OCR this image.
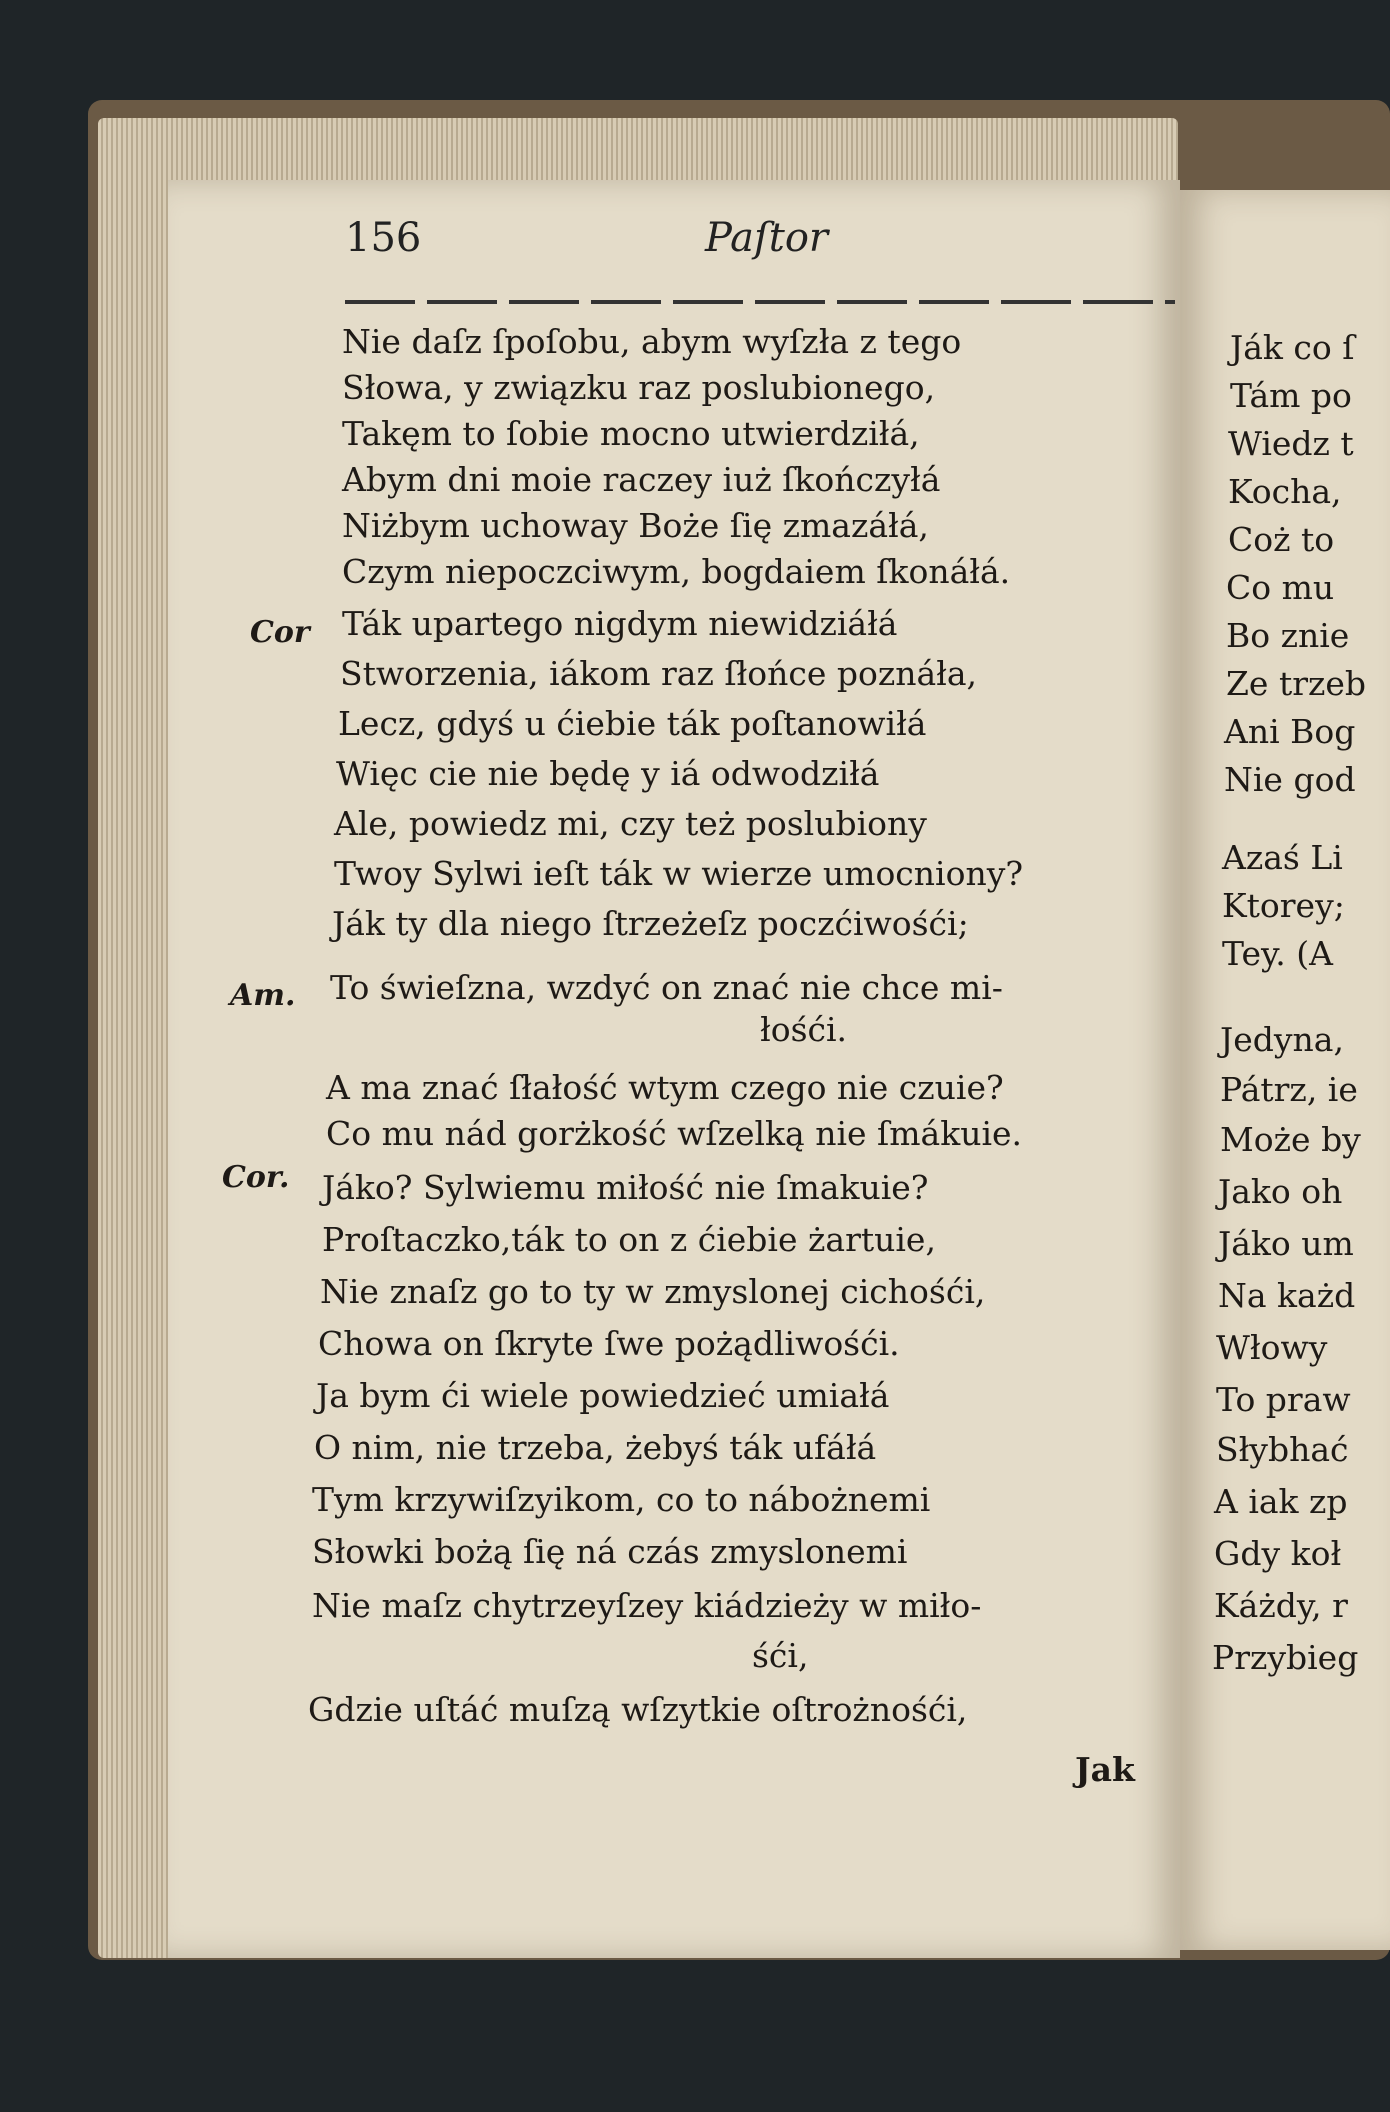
156	Paſtor
Cor
Am.
Cor.
Nie daſz ſpoſobu, abym wyſzła z tego
Słowa, y związku raz poslubionego,
Takęm to ſobie mocno utwierdziłá,
Abym dni moie raczey iuż ſkończyłá
Niżbym uchoway Boże ſię zmazáłá,
Czym niepoczciwym, bogdaiem ſkonáłá.
Ták upartego nigdym niewidziáłá
Stworzenia, iákom raz ſłońce poznáła,
Lecz, gdyś u ćiebie ták poſtanowiłá
Więc cie nie będę y iá odwodziłá
Ale, powiedz mi, czy też poslubiony
Twoy Sylwi ieſt ták w wierze umocniony?
Ják ty dla niego ſtrzeżeſz poczćiwośći;
To świeſzna, wzdyć on znać nie chce mi-
łośći.
A ma znać ſłałość wtym czego nie czuie?
Co mu nád gorżkość wſzelką nie ſmákuie.
Jáko? Sylwiemu miłość nie ſmakuie?
Proſtaczko,ták to on z ćiebie żartuie,
Nie znaſz go to ty w zmyslonej cichośći,
Chowa on ſkryte ſwe pożądliwośći.
Ja bym ći wiele powiedzieć umiałá
O nim, nie trzeba, żebyś ták ufáłá
Tym krzywiſzyikom, co to nábożnemi
Słowki bożą ſię ná czás zmyslonemi
Nie maſz chytrzeyſzey kiádzieży w miło-
śći,
Gdzie uſtáć muſzą wſzytkie oſtrożnośći,
Jak
Ják co ſ
Tám po
Wiedz t
Kocha,
Coż to
Co mu
Bo znie
Ze trzeb
Ani Bog
Nie god
Azaś Li
Ktorey;
Tey. (A
Jedyna,
Pátrz, ie
Może by
Jako oh
Jáko um
Na każd
Włowy
To praw
Słybhać
A iak zp
Gdy koł
Káżdy, r
Przybieg
